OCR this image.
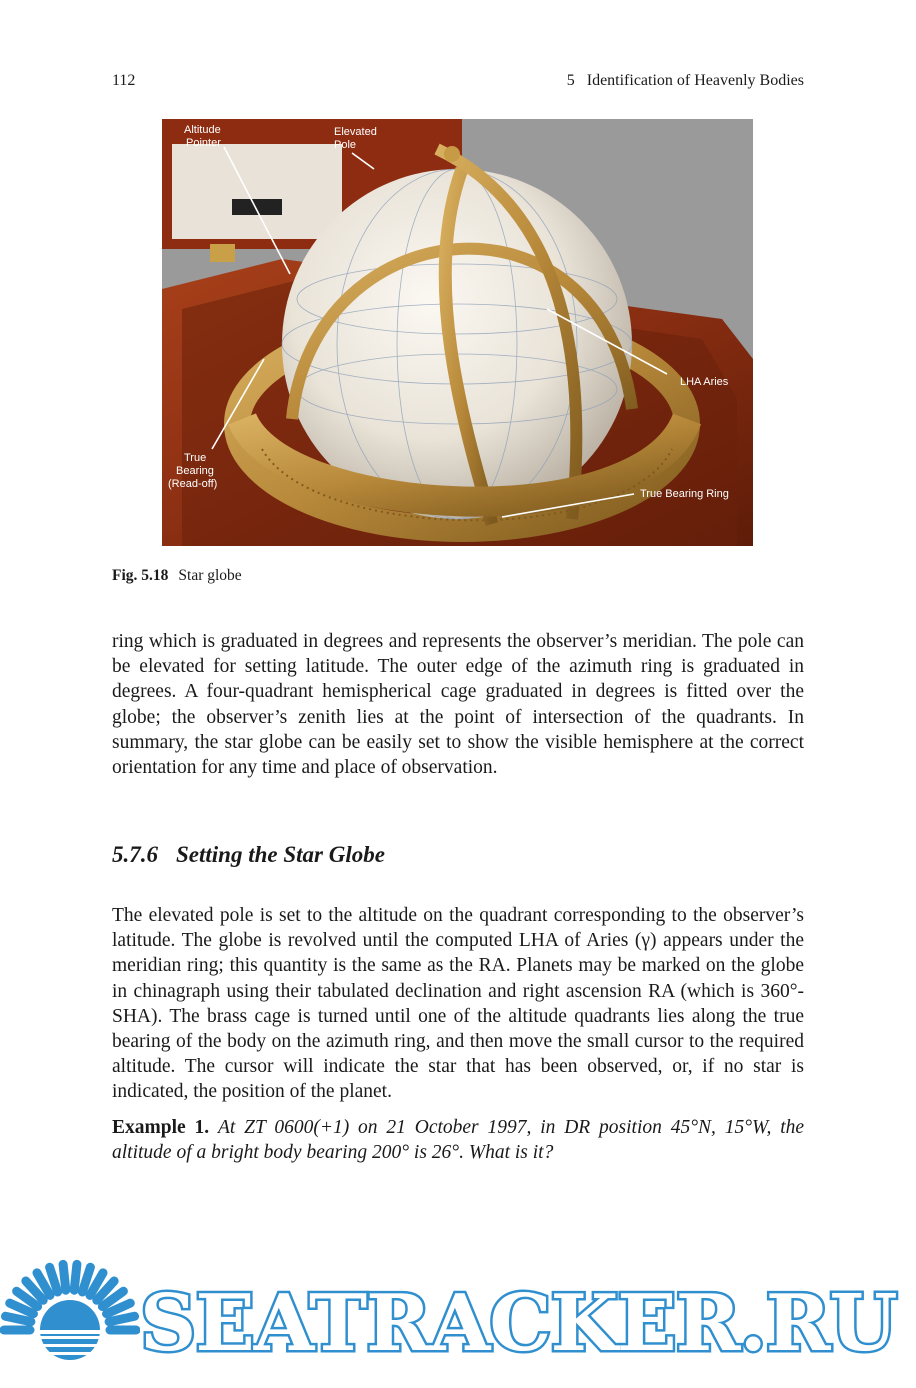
112	5   Identification of Heavenly Bodies
Altitude
Pointer
Elevated
Pole
LHA Aries
True
Bearing
(Read-off)
True Bearing Ring
Fig. 5.18 Star globe

ring which is graduated in degrees and represents the observer’s meridian. The pole can be elevated for setting latitude. The outer edge of the azimuth ring is graduated in degrees. A four-quadrant hemispherical cage graduated in degrees is fitted over the globe; the observer’s zenith lies at the point of intersection of the quadrants. In summary, the star globe can be easily set to show the visible hemisphere at the correct orientation for any time and place of observation.

5.7.6 Setting the Star Globe

The elevated pole is set to the altitude on the quadrant corresponding to the observer’s latitude. The globe is revolved until the computed LHA of Aries (γ) appears under the meridian ring; this quantity is the same as the RA. Planets may be marked on the globe in chinagraph using their tabulated declination and right ascension RA (which is 360°- SHA). The brass cage is turned until one of the altitude quadrants lies along the true bearing of the body on the azimuth ring, and then move the small cursor to the required altitude. The cursor will indicate the star that has been observed, or, if no star is indicated, the position of the planet.

Example 1. At ZT 0600(+1) on 21 October 1997, in DR position 45°N, 15°W, the altitude of a bright body bearing 200° is 26°. What is it?

SEATRACKER.RU
